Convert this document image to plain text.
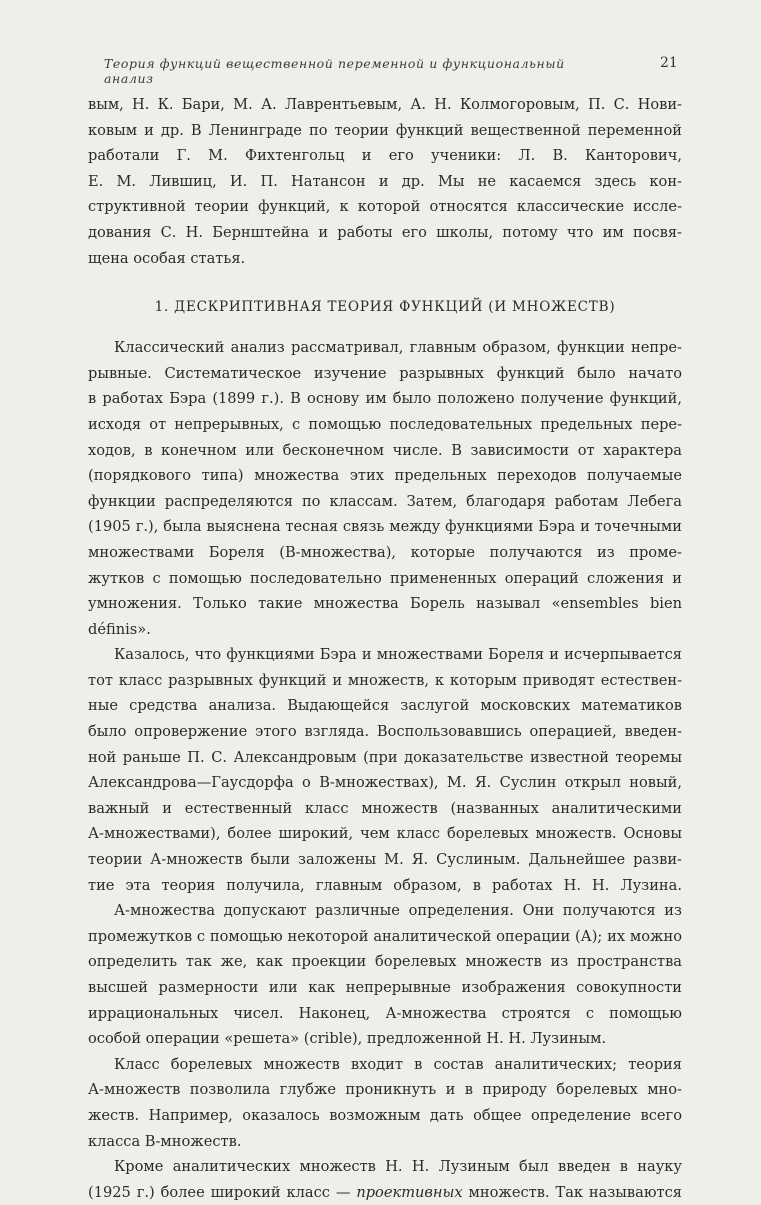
Теория функций вещественной переменной и функциональный анализ
21
вым, Н. К. Бари, М. А. Лаврентьевым, А. Н. Колмогоровым, П. С. Нови-
ковым и др. В Ленинграде по теории функций вещественной переменной
работали Г. М. Фихтенгольц и его ученики: Л. В. Канторович,
Е. М. Лившиц, И. П. Натансон и др. Мы не касаемся здесь кон-
структивной теории функций, к которой относятся классические иссле-
дования С. Н. Бернштейна и работы его школы, потому что им посвя-
щена особая статья.
1. ДЕСКРИПТИВНАЯ ТЕОРИЯ ФУНКЦИЙ (И МНОЖЕСТВ)
Классический анализ рассматривал, главным образом, функции непре-
рывные. Систематическое изучение разрывных функций было начато
в работах Бэра (1899 г.). В основу им было положено получение функций,
исходя от непрерывных, с помощью последовательных предельных пере-
ходов, в конечном или бесконечном числе. В зависимости от характера
(порядкового типа) множества этих предельных переходов получаемые
функции распределяются по классам. Затем, благодаря работам Лебега
(1905 г.), была выяснена тесная связь между функциями Бэра и точечными
множествами Бореля (В-множества), которые получаются из проме-
жутков с помощью последовательно примененных операций сложения и
умножения. Только такие множества Борель называл «ensembles bien
définis».
Казалось, что функциями Бэра и множествами Бореля и исчерпывается
тот класс разрывных функций и множеств, к которым приводят естествен-
ные средства анализа. Выдающейся заслугой московских математиков
было опровержение этого взгляда. Воспользовавшись операцией, введен-
ной раньше П. С. Александровым (при доказательстве известной теоремы
Александрова—Гаусдорфа о В-множествах), М. Я. Суслин открыл новый,
важный и естественный класс множеств (названных аналитическими
А-множествами), более широкий, чем класс борелевых множеств. Основы
теории А-множеств были заложены М. Я. Суслиным. Дальнейшее разви-
тие эта теория получила, главным образом, в работах Н. Н. Лузина.
А-множества допускают различные определения. Они получаются из
промежутков с помощью некоторой аналитической операции (А); их можно
определить так же, как проекции борелевых множеств из пространства
высшей размерности или как непрерывные изображения совокупности
иррациональных чисел. Наконец, А-множества строятся с помощью
особой операции «решета» (crible), предложенной Н. Н. Лузиным.
Класс борелевых множеств входит в состав аналитических; теория
А-множеств позволила глубже проникнуть и в природу борелевых мно-
жеств. Например, оказалось возможным дать общее определение всего
класса В-множеств.
Кроме аналитических множеств Н. Н. Лузиным был введен в науку
(1925 г.) более широкий класс — проективных множеств. Так называются
